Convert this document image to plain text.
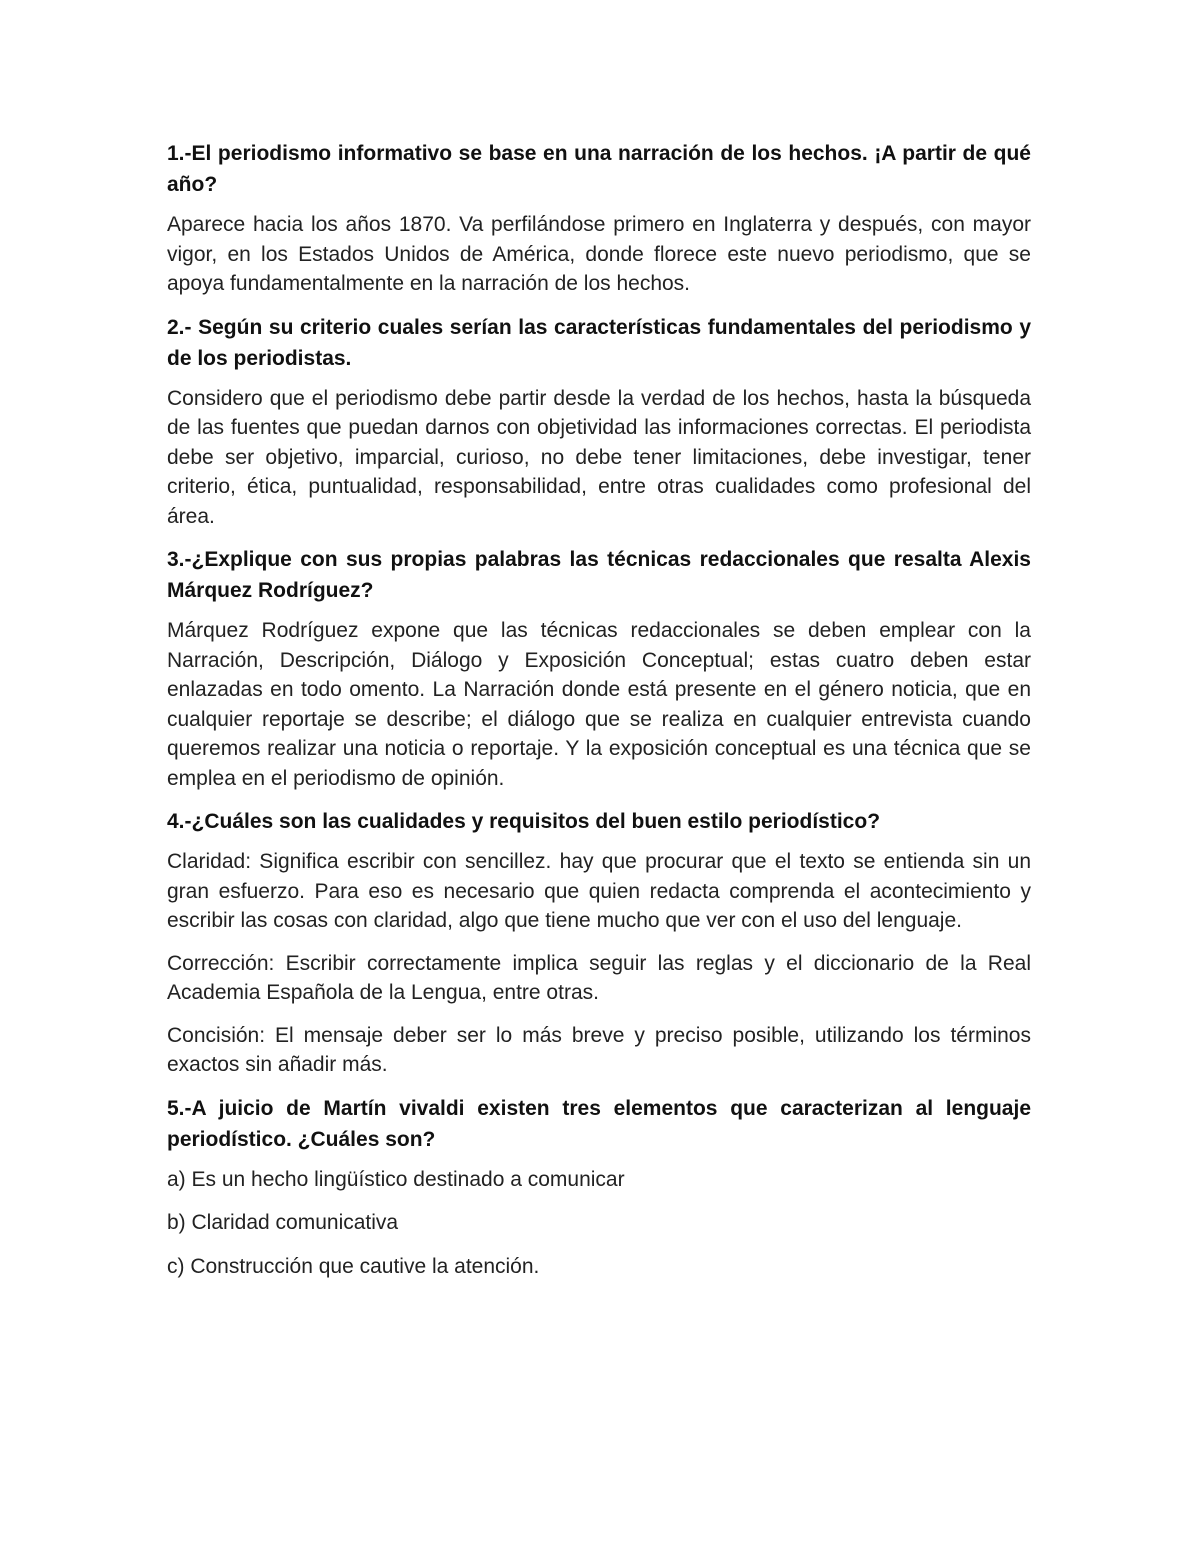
1.-El periodismo informativo se base en una narración de los hechos. ¡A partir de qué año?

Aparece hacia los años 1870. Va perfilándose primero en Inglaterra y después, con mayor vigor, en los Estados Unidos de América, donde florece este nuevo periodismo, que se apoya fundamentalmente en la narración de los hechos.

2.- Según su criterio cuales serían las características fundamentales del periodismo y de los periodistas.

Considero que el periodismo debe partir desde la verdad de los hechos, hasta la búsqueda de las fuentes que puedan darnos con objetividad las informaciones correctas. El periodista debe ser objetivo, imparcial, curioso, no debe tener limitaciones, debe investigar, tener criterio, ética, puntualidad, responsabilidad, entre otras cualidades como profesional del área.

3.-¿Explique con sus propias palabras las técnicas redaccionales que resalta Alexis Márquez Rodríguez?

Márquez Rodríguez expone que las técnicas redaccionales se deben emplear con la Narración, Descripción, Diálogo y Exposición Conceptual; estas cuatro deben estar enlazadas en todo omento. La Narración donde está presente en el género noticia, que en cualquier reportaje se describe; el diálogo que se realiza en cualquier entrevista cuando queremos realizar una noticia o reportaje. Y la exposición conceptual es una técnica que se emplea en el periodismo de opinión.

4.-¿Cuáles son las cualidades y requisitos del buen estilo periodístico?

Claridad: Significa escribir con sencillez. hay que procurar que el texto se entienda sin un gran esfuerzo. Para eso es necesario que quien redacta comprenda el acontecimiento y escribir las cosas con claridad, algo que tiene mucho que ver con el uso del lenguaje.

Corrección: Escribir correctamente implica seguir las reglas y el diccionario de la Real Academia Española de la Lengua, entre otras.

Concisión: El mensaje deber ser lo más breve y preciso posible, utilizando los términos exactos sin añadir más.

5.-A juicio de Martín vivaldi existen tres elementos que caracterizan al lenguaje periodístico. ¿Cuáles son?

a) Es un hecho lingüístico destinado a comunicar

b) Claridad comunicativa

c) Construcción que cautive la atención.
